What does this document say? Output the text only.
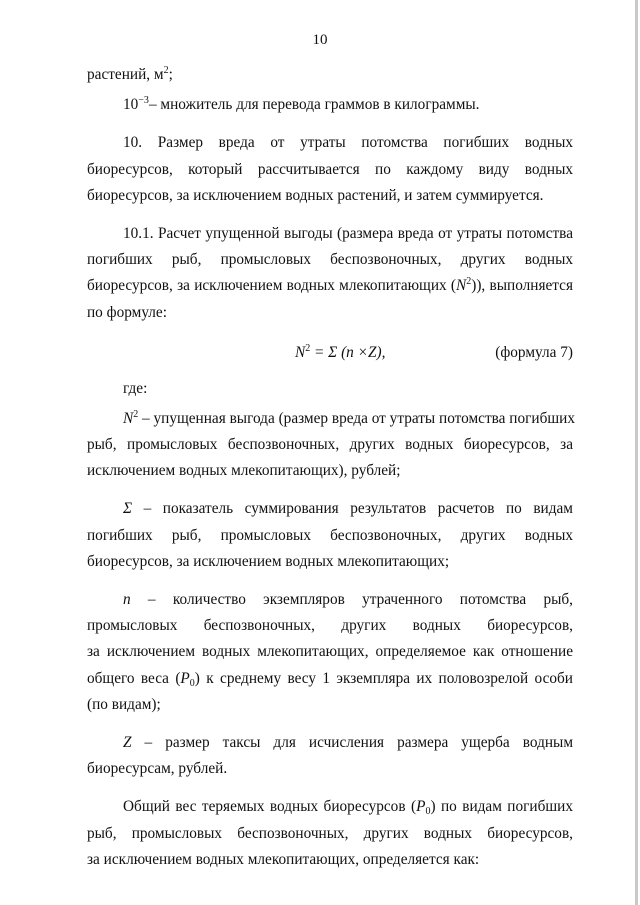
10
растений, $м^2$;
$10^{-3}-$ множитель для перевода граммов в килограммы.
10. Размер вреда от утраты потомства погибших водных
биоресурсов, который рассчитывается по каждому виду водных
биоресурсов, за исключением водных растений, и затем суммируется.
10.1. Расчет упущенной выгоды (размера вреда от утраты потомства
погибших рыб, промысловых беспозвоночных, других водных
биоресурсов, за исключением водных млекопитающих $(N^2)$), выполняется
по формуле:
$N^2 = \Sigma$ (n ×Z),	(формула 7)
где:
$N^2$ – упущенная выгода (размер вреда от утраты потомства погибших
рыб, промысловых беспозвоночных, других водных биоресурсов, за
исключением водных млекопитающих), рублей;
Σ – показатель суммирования результатов расчетов по видам
погибших рыб, промысловых беспозвоночных, других водных
биоресурсов, за исключением водных млекопитающих;
n – количество экземпляров утраченного потомства рыб,
промысловых беспозвоночных, других водных биоресурсов,
за исключением водных млекопитающих, определяемое как отношение
общего веса $(P_0)$ к среднему весу 1 экземпляра их половозрелой особи
(по видам);
Z – размер таксы для исчисления размера ущерба водным
биоресурсам, рублей.
Общий вес теряемых водных биоресурсов $(P_0)$ по видам погибших
рыб, промысловых беспозвоночных, других водных биоресурсов,
за исключением водных млекопитающих, определяется как:
